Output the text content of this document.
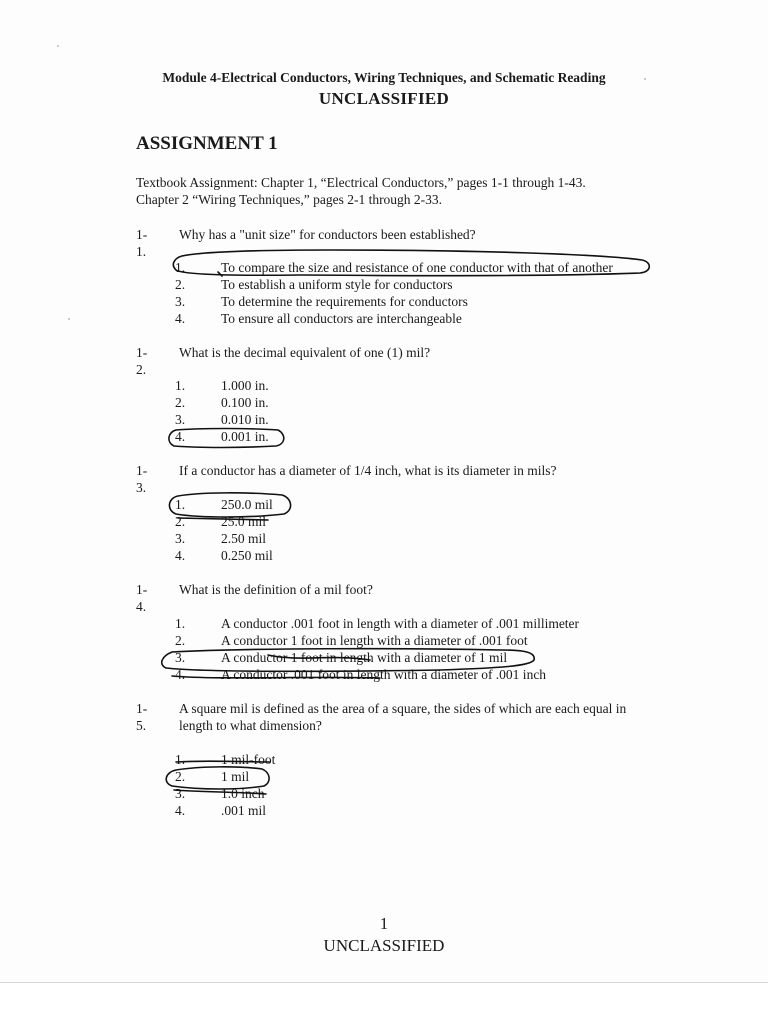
Module 4-Electrical Conductors, Wiring Techniques, and Schematic Reading
UNCLASSIFIED
ASSIGNMENT 1
Textbook Assignment: Chapter 1, “Electrical Conductors,” pages 1-1 through 1-43.
Chapter 2 “Wiring Techniques,” pages 2-1 through 2-33.
1-1.
Why has a "unit size" for conductors been established?
1.	To compare the size and resistance of one conductor with that of another
2.	To establish a uniform style for conductors
3.	To determine the requirements for conductors
4.	To ensure all conductors are interchangeable
1-2.
What is the decimal equivalent of one (1) mil?
1.	1.000 in.
2.	0.100 in.
3.	0.010 in.
4.	0.001 in.
1-3.
If a conductor has a diameter of 1/4 inch, what is its diameter in mils?
1.	250.0 mil
2.	25.0 mil
3.	2.50 mil
4.	0.250 mil
1-4.
What is the definition of a mil foot?
1.	A conductor .001 foot in length with a diameter of .001 millimeter
2.	A conductor 1 foot in length with a diameter of .001 foot
3.	A conductor 1 foot in length with a diameter of 1 mil
4.	A conductor .001 foot in length with a diameter of .001 inch
1-5.
A square mil is defined as the area of a square, the sides of which are each equal in length to what dimension?
1.	1 mil-foot
2.	1 mil
3.	1.0 inch
4.	.001 mil
1
UNCLASSIFIED
